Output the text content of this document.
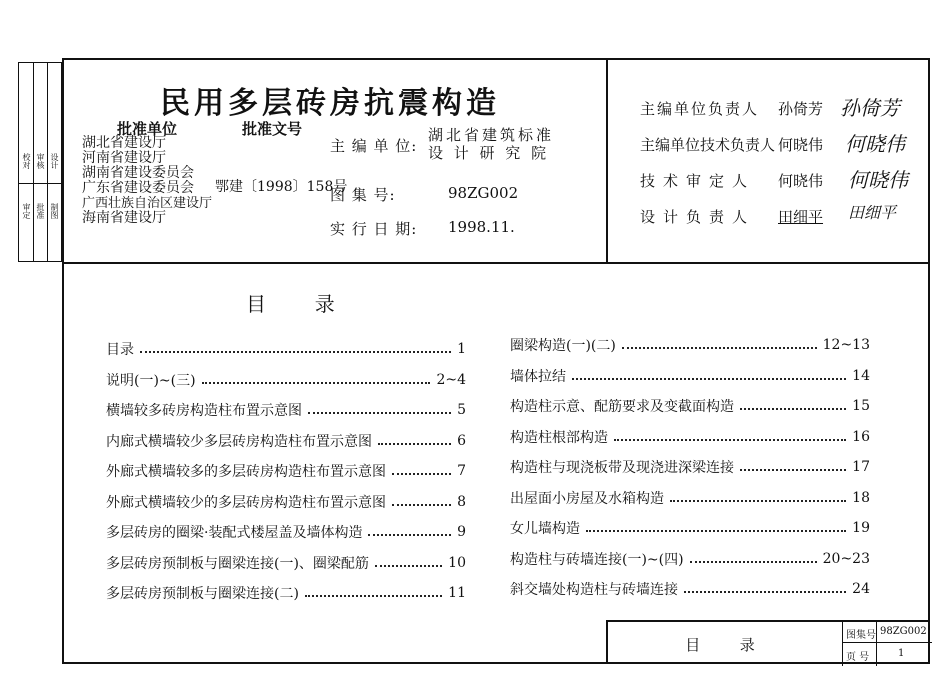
校对 审核 设计
审定 批准 制图
民用多层砖房抗震构造
批准单位	批准文号
湖北省建设厅
河南省建设厅
湖南省建设委员会
广东省建设委员会
广西壮族自治区建设厅
海南省建设厅
鄂建〔1998〕158号
主 编 单 位:
湖北省建筑标准
设 计 研 究 院
图 集 号:	98ZG002
实 行 日 期: 1998.11.
主编单位负责人 孙倚芳 孙倚芳
主编单位技术负责人 何晓伟 何晓伟
技术审定人 何晓伟 何晓伟
设计负责人 田细平 田细平
目  录
目录	1
说明(一)~(三)	2~4
横墙较多砖房构造柱布置示意图	5
内廊式横墙较少多层砖房构造柱布置示意图	6
外廊式横墙较多的多层砖房构造柱布置示意图	7
外廊式横墙较少的多层砖房构造柱布置示意图	8
多层砖房的圈梁·装配式楼屋盖及墙体构造	9
多层砖房预制板与圈梁连接(一)、圈梁配筋	10
多层砖房预制板与圈梁连接(二)	11
圈梁构造(一)(二)	12~13
墙体拉结	14
构造柱示意、配筋要求及变截面构造	15
构造柱根部构造	16
构造柱与现浇板带及现浇进深梁连接	17
出屋面小房屋及水箱构造	18
女儿墙构造	19
构造柱与砖墙连接(一)~(四)	20~23
斜交墙处构造柱与砖墙连接	24
目  录
图集号 98ZG002
页 号	1
